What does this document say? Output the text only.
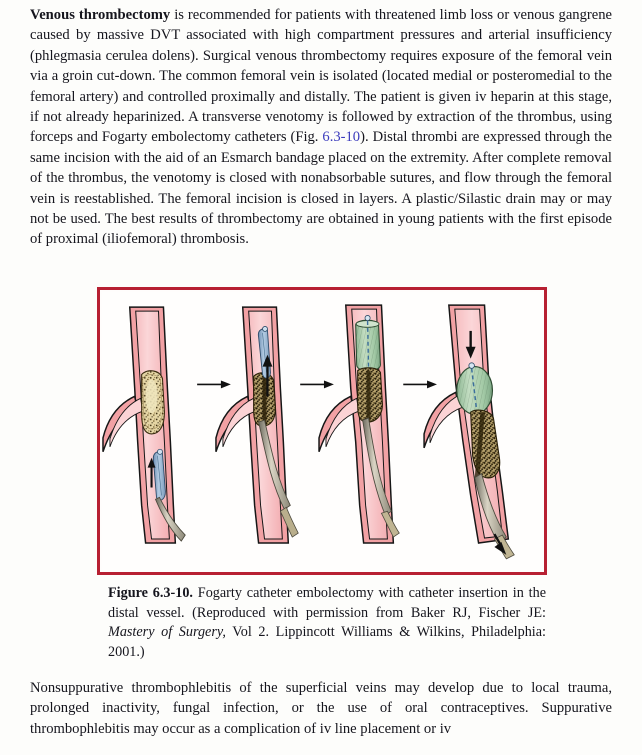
Venous thrombectomy is recommended for patients with threatened limb loss or venous gangrene caused by massive DVT associated with high compartment pressures and arterial insufficiency (phlegmasia cerulea dolens). Surgical venous thrombectomy requires exposure of the femoral vein via a groin cut-down. The common femoral vein is isolated (located medial or posteromedial to the femoral artery) and controlled proximally and distally. The patient is given iv heparin at this stage, if not already heparinized. A transverse venotomy is followed by extraction of the thrombus, using forceps and Fogarty embolectomy catheters (Fig. 6.3-10). Distal thrombi are expressed through the same incision with the aid of an Esmarch bandage placed on the extremity. After complete removal of the thrombus, the venotomy is closed with nonabsorbable sutures, and flow through the femoral vein is reestablished. The femoral incision is closed in layers. A plastic/Silastic drain may or may not be used. The best results of thrombectomy are obtained in young patients with the first episode of proximal (iliofemoral) thrombosis.

Figure 6.3-10. Fogarty catheter embolectomy with catheter insertion in the distal vessel. (Reproduced with permission from Baker RJ, Fischer JE: Mastery of Surgery, Vol 2. Lippincott Williams & Wilkins, Philadelphia: 2001.)

Nonsuppurative thrombophlebitis of the superficial veins may develop due to local trauma, prolonged inactivity, fungal infection, or the use of oral contraceptives. Suppurative thrombophlebitis may occur as a complication of iv line placement or iv
